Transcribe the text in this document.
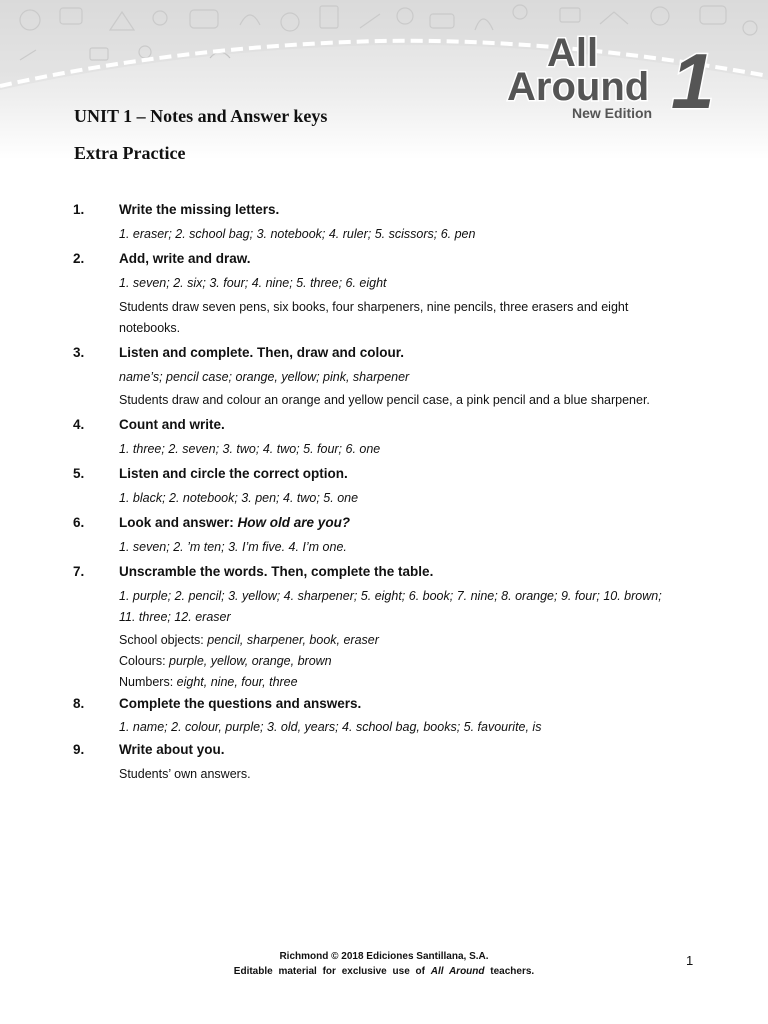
All
Around 1
New Edition
UNIT 1 – Notes and Answer keys
Extra Practice
1.	Write the missing letters.
1. eraser; 2. school bag; 3. notebook; 4. ruler; 5. scissors; 6. pen
2.	Add, write and draw.
1. seven; 2. six; 3. four; 4. nine; 5. three; 6. eight
Students draw seven pens, six books, four sharpeners, nine pencils, three erasers and eight
notebooks.
3.	Listen and complete. Then, draw and colour.
name’s; pencil case; orange, yellow; pink, sharpener
Students draw and colour an orange and yellow pencil case, a pink pencil and a blue sharpener.
4.	Count and write.
1. three; 2. seven; 3. two; 4. two; 5. four; 6. one
5.	Listen and circle the correct option.
1. black; 2. notebook; 3. pen; 4. two; 5. one
6.	Look and answer: How old are you?
1. seven; 2. ’m ten; 3. I’m five. 4. I’m one.
7.	Unscramble the words. Then, complete the table.
1. purple; 2. pencil; 3. yellow; 4. sharpener; 5. eight; 6. book; 7. nine; 8. orange; 9. four; 10. brown;
11. three; 12. eraser
School objects: pencil, sharpener, book, eraser
Colours: purple, yellow, orange, brown
Numbers: eight, nine, four, three
8.	Complete the questions and answers.
1. name; 2. colour, purple; 3. old, years; 4. school bag, books; 5. favourite, is
9.	Write about you.
Students’ own answers.
Richmond © 2018 Ediciones Santillana, S.A.
Editable material for exclusive use of All Around teachers.
1
